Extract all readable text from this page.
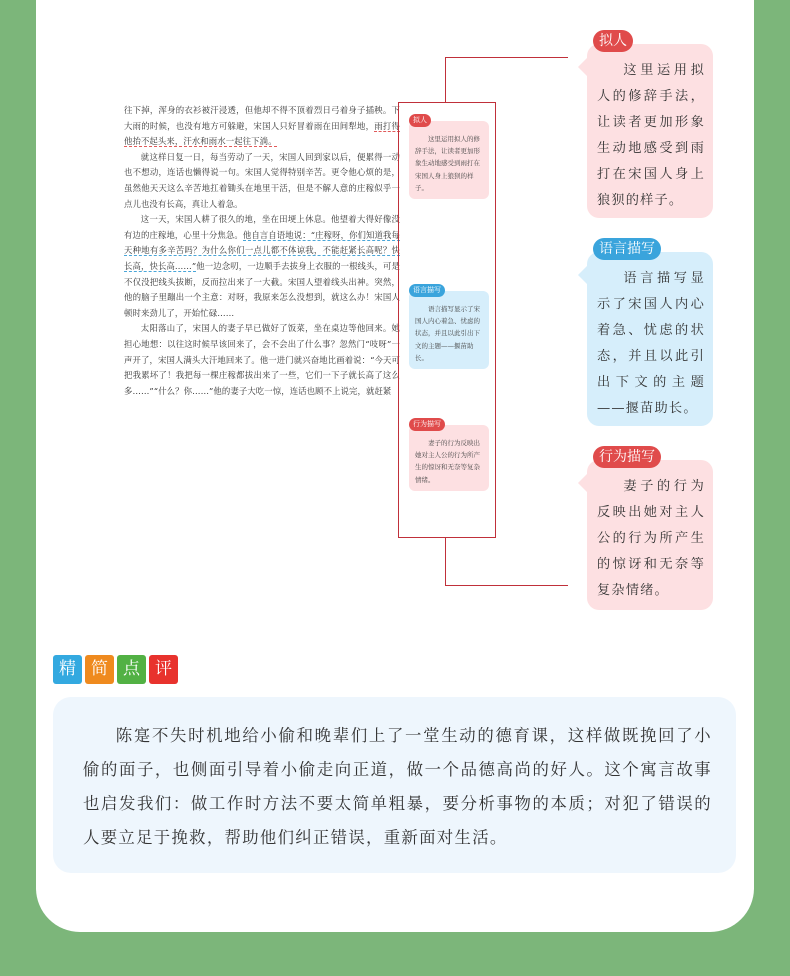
往下掉，浑身的衣衫被汗浸透，但他却不得不顶着烈日弓着身子插秧。下大雨的时候，也没有地方可躲避，宋国人只好冒着雨在田间犁地，雨打得他抬不起头来，汗水和雨水一起往下淌。

就这样日复一日，每当劳动了一天，宋国人回到家以后，便累得一动也不想动，连话也懒得说一句。宋国人觉得特别辛苦。更令他心烦的是，虽然他天天这么辛苦地扛着锄头在地里干活，但是不解人意的庄稼似乎一点儿也没有长高，真让人着急。

这一天，宋国人耕了很久的地，坐在田埂上休息。他望着大得好像没有边的庄稼地，心里十分焦急。他自言自语地说：“庄稼呀，你们知道我每天种地有多辛苦吗？为什么你们一点儿都不体谅我，不能赶紧长高呢？快长高，快长高……”他一边念叨，一边顺手去拔身上衣服的一根线头，可是不仅没把线头拔断，反而拉出来了一大截。宋国人望着线头出神。突然，他的脑子里蹦出一个主意：对呀，我原来怎么没想到，就这么办！宋国人顿时来劲儿了，开始忙碌……

太阳落山了，宋国人的妻子早已做好了饭菜，坐在桌边等他回来。她担心地想：以往这时候早该回来了，会不会出了什么事？忽然门“吱呀”一声开了，宋国人满头大汗地回来了。他一进门就兴奋地比画着说：“今天可把我累坏了！我把每一棵庄稼都拔出来了一些，它们一下子就长高了这么多……”“什么？你……”他的妻子大吃一惊，连话也顾不上说完，就赶紧

拟人

这里运用拟人的修辞手法，让读者更加形象生动地感受到雨打在宋国人身上狼狈的样子。

语言描写

语言描写显示了宋国人内心着急、忧虑的状态，并且以此引出下文的主题——揠苗助长。

行为描写

妻子的行为反映出她对主人公的行为所产生的惊讶和无奈等复杂情绪。

拟人

这里运用拟人的修辞手法，让读者更加形象生动地感受到雨打在宋国人身上狼狈的样子。

语言描写

语言描写显示了宋国人内心着急、忧虑的状态，并且以此引出下文的主题——揠苗助长。

行为描写

妻子的行为反映出她对主人公的行为所产生的惊讶和无奈等复杂情绪。

精 简 点 评

陈寔不失时机地给小偷和晚辈们上了一堂生动的德育课，这样做既挽回了小偷的面子，也侧面引导着小偷走向正道，做一个品德高尚的好人。这个寓言故事也启发我们：做工作时方法不要太简单粗暴，要分析事物的本质；对犯了错误的人要立足于挽救，帮助他们纠正错误，重新面对生活。
